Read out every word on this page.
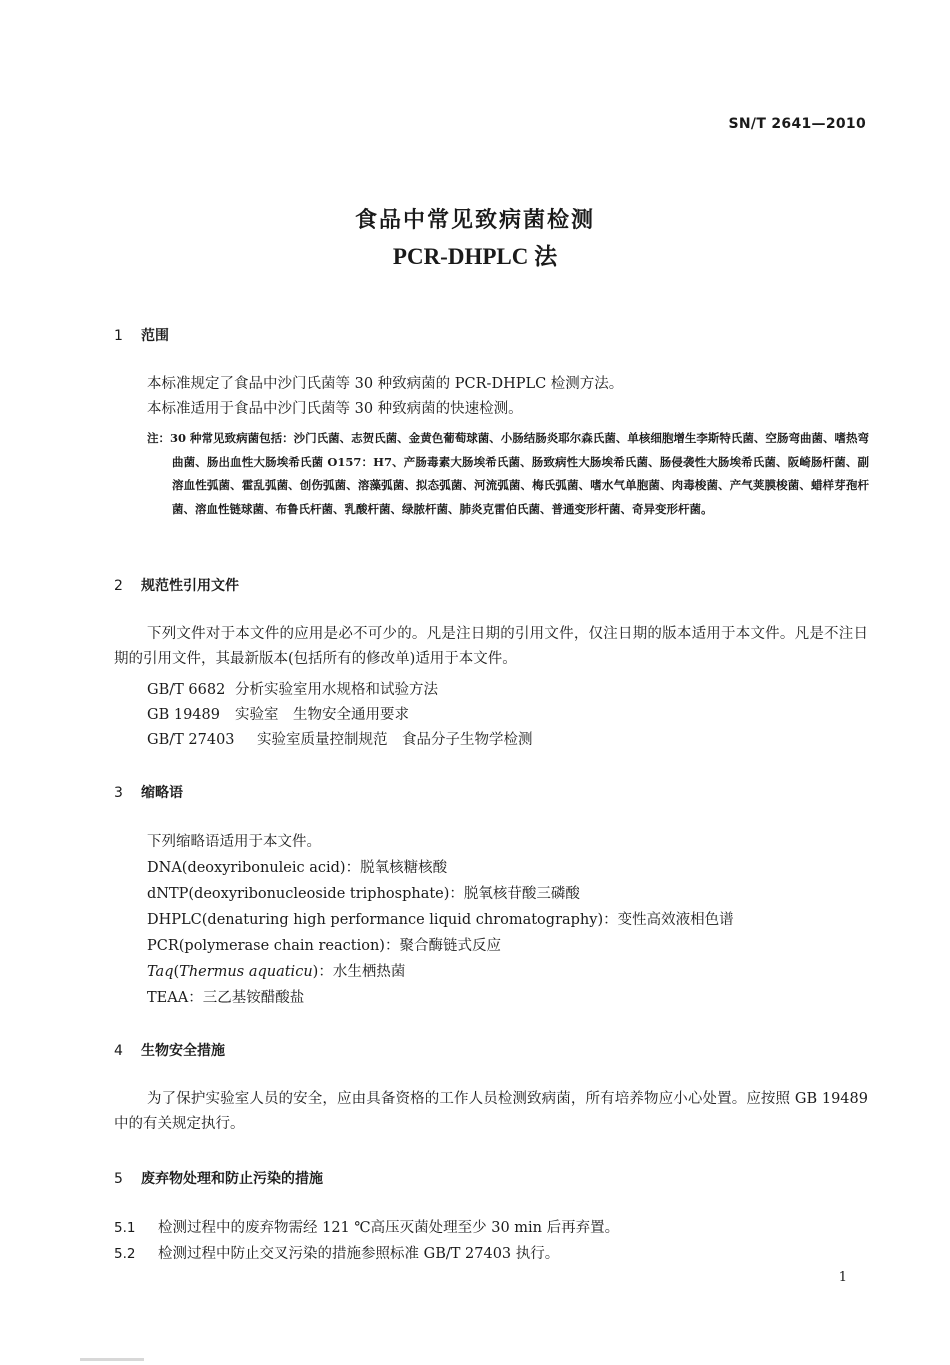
SN/T 2641—2010
食品中常见致病菌检测
PCR-DHPLC 法
1 范围
本标准规定了食品中沙门氏菌等 30 种致病菌的 PCR-DHPLC 检测方法。
本标准适用于食品中沙门氏菌等 30 种致病菌的快速检测。
注：30 种常见致病菌包括：沙门氏菌、志贺氏菌、金黄色葡萄球菌、小肠结肠炎耶尔森氏菌、单核细胞增生李斯特氏菌、空肠弯曲菌、嗜热弯曲菌、肠出血性大肠埃希氏菌 O157：H7、产肠毒素大肠埃希氏菌、肠致病性大肠埃希氏菌、肠侵袭性大肠埃希氏菌、阪崎肠杆菌、副溶血性弧菌、霍乱弧菌、创伤弧菌、溶藻弧菌、拟态弧菌、河流弧菌、梅氏弧菌、嗜水气单胞菌、肉毒梭菌、产气荚膜梭菌、蜡样芽孢杆菌、溶血性链球菌、布鲁氏杆菌、乳酸杆菌、绿脓杆菌、肺炎克雷伯氏菌、普通变形杆菌、奇异变形杆菌。
2 规范性引用文件
下列文件对于本文件的应用是必不可少的。凡是注日期的引用文件，仅注日期的版本适用于本文件。凡是不注日期的引用文件，其最新版本(包括所有的修改单)适用于本文件。
GB/T 6682 分析实验室用水规格和试验方法
GB 19489 实验室　生物安全通用要求
GB/T 27403 实验室质量控制规范　食品分子生物学检测
3 缩略语
下列缩略语适用于本文件。
DNA(deoxyribonuleic acid)：脱氧核糖核酸
dNTP(deoxyribonucleoside triphosphate)：脱氧核苷酸三磷酸
DHPLC(denaturing high performance liquid chromatography)：变性高效液相色谱
PCR(polymerase chain reaction)：聚合酶链式反应
Taq(Thermus aquaticu)：水生栖热菌
TEAA：三乙基铵醋酸盐
4 生物安全措施
为了保护实验室人员的安全，应由具备资格的工作人员检测致病菌，所有培养物应小心处置。应按照 GB 19489 中的有关规定执行。
5 废弃物处理和防止污染的措施
5.1 检测过程中的废弃物需经 121 ℃高压灭菌处理至少 30 min 后再弃置。
5.2 检测过程中防止交叉污染的措施参照标准 GB/T 27403 执行。
1
